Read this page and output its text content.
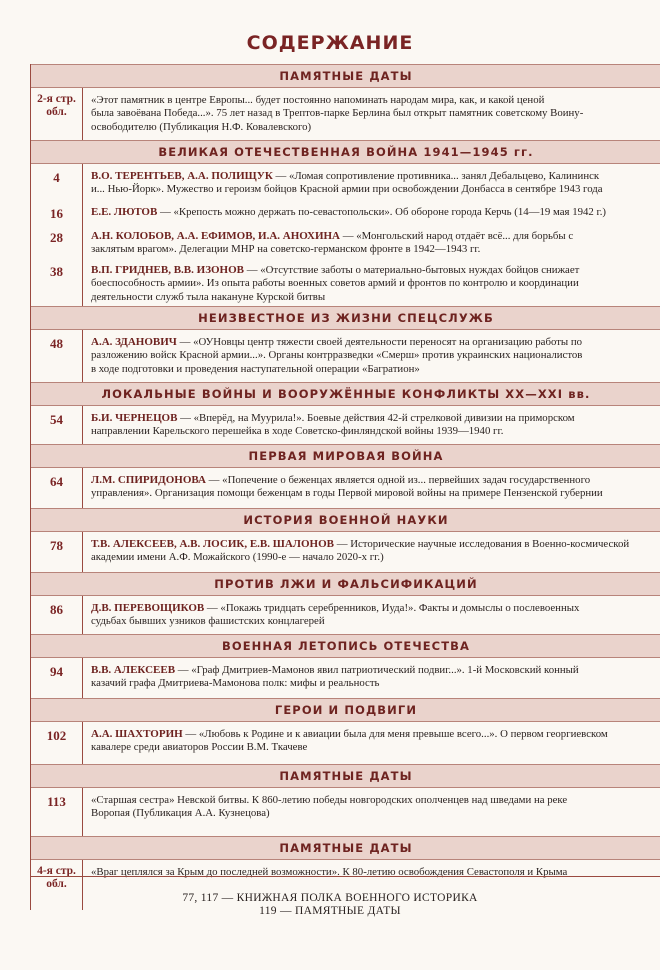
СОДЕРЖАНИЕ
ПАМЯТНЫЕ ДАТЫ
2-я стр.
обл.
«Этот памятник в центре Европы... будет постоянно напоминать народам мира, как, и какой ценой
была завоёвана Победа...». 75 лет назад в Трептов-парке Берлина был открыт памятник советскому Воину-
освободителю (Публикация Н.Ф. Ковалевского)
ВЕЛИКАЯ ОТЕЧЕСТВЕННАЯ ВОЙНА 1941—1945 гг.
4	В.О. ТЕРЕНТЬЕВ, А.А. ПОЛИЩУК — «Ломая сопротивление противника... занял Дебальцево, Калининск
и... Нью-Йорк». Мужество и героизм бойцов Красной армии при освобождении Донбасса в сентябре 1943 года
16	Е.Е. ЛЮТОВ — «Крепость можно держать по-севастопольски». Об обороне города Керчь (14—19 мая 1942 г.)
28	А.Н. КОЛОБОВ, А.А. ЕФИМОВ, И.А. АНОХИНА — «Монгольский народ отдаёт всё... для борьбы с
заклятым врагом». Делегации МНР на советско-германском фронте в 1942—1943 гг.
38	В.П. ГРИДНЕВ, В.В. ИЗОНОВ — «Отсутствие заботы о материально-бытовых нуждах бойцов снижает
боеспособность армии». Из опыта работы военных советов армий и фронтов по контролю и координации
деятельности служб тыла накануне Курской битвы
НЕИЗВЕСТНОЕ ИЗ ЖИЗНИ СПЕЦСЛУЖБ
48	А.А. ЗДАНОВИЧ — «ОУНовцы центр тяжести своей деятельности переносят на организацию работы по
разложению войск Красной армии...». Органы контрразведки «Смерш» против украинских националистов
в ходе подготовки и проведения наступательной операции «Багратион»
ЛОКАЛЬНЫЕ ВОЙНЫ И ВООРУЖЁННЫЕ КОНФЛИКТЫ XX—XXI вв.
54	Б.И. ЧЕРНЕЦОВ — «Вперёд, на Муурила!». Боевые действия 42-й стрелковой дивизии на приморском
направлении Карельского перешейка в ходе Советско-финляндской войны 1939—1940 гг.
ПЕРВАЯ МИРОВАЯ ВОЙНА
64	Л.М. СПИРИДОНОВА — «Попечение о беженцах является одной из... первейших задач государственного
управления». Организация помощи беженцам в годы Первой мировой войны на примере Пензенской губернии
ИСТОРИЯ ВОЕННОЙ НАУКИ
78	Т.В. АЛЕКСЕЕВ, А.В. ЛОСИК, Е.В. ШАЛОНОВ — Исторические научные исследования в Военно-космической
академии имени А.Ф. Можайского (1990-е — начало 2020-х гг.)
ПРОТИВ ЛЖИ И ФАЛЬСИФИКАЦИЙ
86	Д.В. ПЕРЕВОЩИКОВ — «Покажь тридцать серебренников, Иуда!». Факты и домыслы о послевоенных
судьбах бывших узников фашистских концлагерей
ВОЕННАЯ ЛЕТОПИСЬ ОТЕЧЕСТВА
94	В.В. АЛЕКСЕЕВ — «Граф Дмитриев-Мамонов явил патриотический подвиг...». 1-й Московский конный
казачий графа Дмитриева-Мамонова полк: мифы и реальность
ГЕРОИ И ПОДВИГИ
102	А.А. ШАХТОРИН — «Любовь к Родине и к авиации была для меня превыше всего...». О первом георгиевском
кавалере среди авиаторов России В.М. Ткачеве
ПАМЯТНЫЕ ДАТЫ
113	«Старшая сестра» Невской битвы. К 860-летию победы новгородских ополченцев над шведами на реке
Воропая (Публикация А.А. Кузнецова)
ПАМЯТНЫЕ ДАТЫ
4-я стр.
обл.
«Враг цеплялся за Крым до последней возможности». К 80-летию освобождения Севастополя и Крыма
77, 117 — КНИЖНАЯ ПОЛКА ВОЕННОГО ИСТОРИКА
119 — ПАМЯТНЫЕ ДАТЫ
